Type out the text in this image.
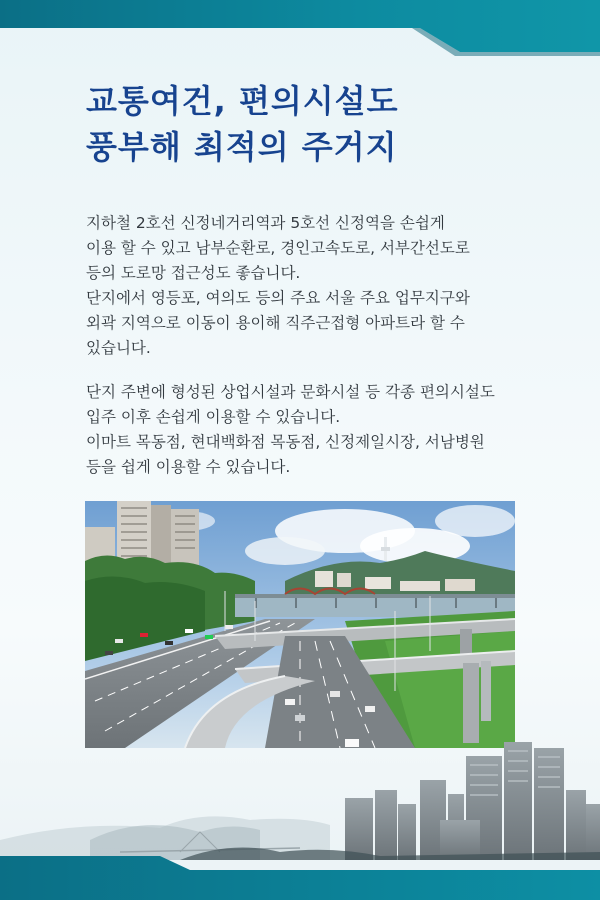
교통여건, 편의시설도
풍부해 최적의 주거지

지하철 2호선 신정네거리역과 5호선 신정역을 손쉽게
이용 할 수 있고 남부순환로, 경인고속도로, 서부간선도로
등의 도로망 접근성도 좋습니다.
단지에서 영등포, 여의도 등의 주요 서울 주요 업무지구와
외곽 지역으로 이동이 용이해 직주근접형 아파트라 할 수
있습니다.

단지 주변에 형성된 상업시설과 문화시설 등 각종 편의시설도
입주 이후 손쉽게 이용할 수 있습니다.
이마트 목동점, 현대백화점 목동점, 신정제일시장, 서남병원
등을 쉽게 이용할 수 있습니다.
